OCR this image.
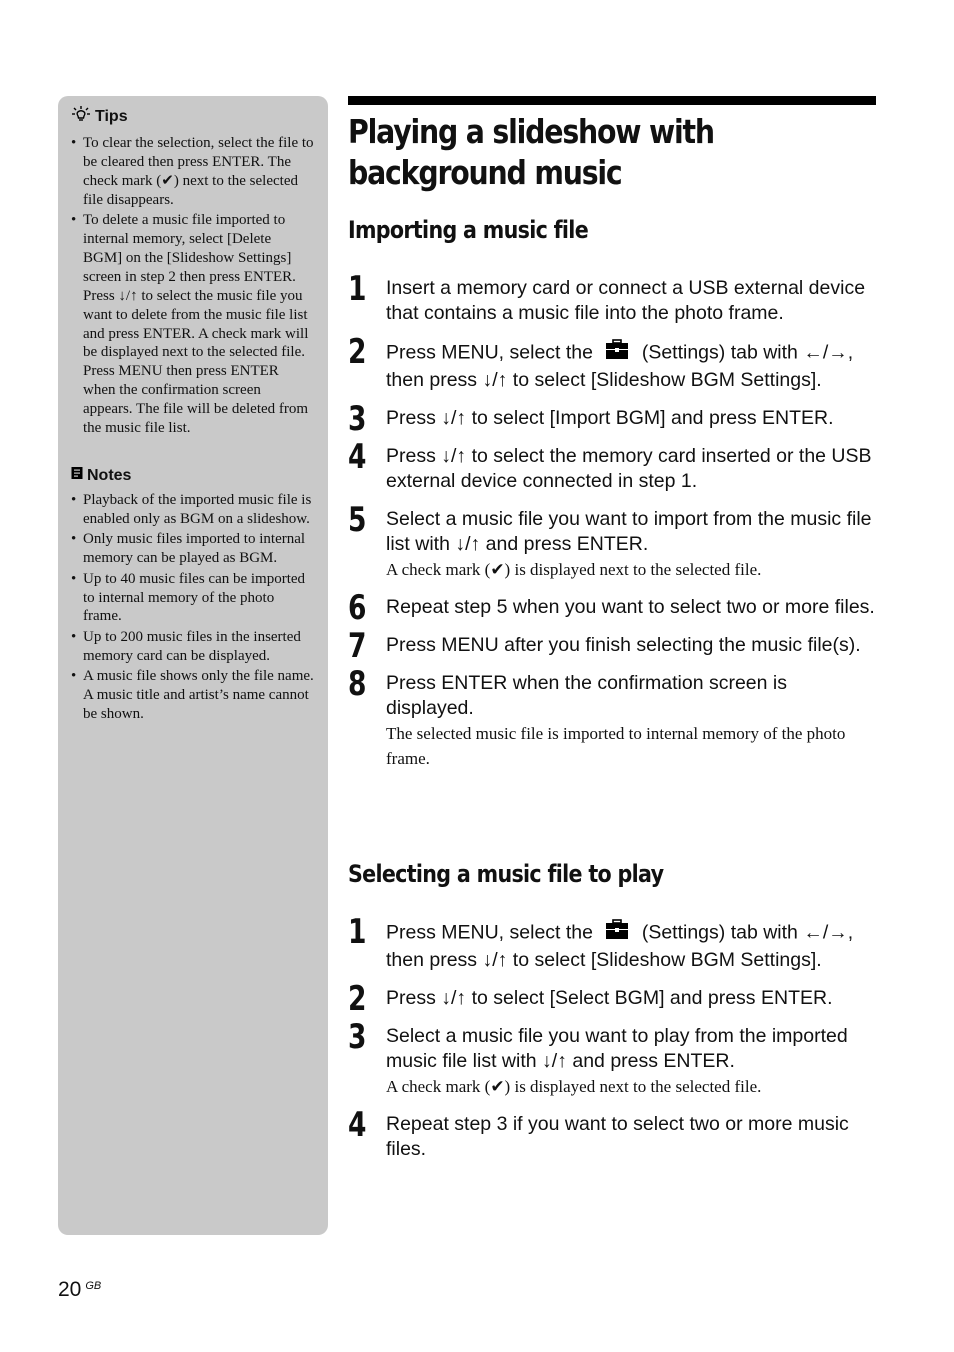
Tips
• To clear the selection, select the file to be cleared then press ENTER. The check mark (✔) next to the selected file disappears.
• To delete a music file imported to internal memory, select [Delete BGM] on the [Slideshow Settings] screen in step 2 then press ENTER. Press ↓/↑ to select the music file you want to delete from the music file list and press ENTER. A check mark will be displayed next to the selected file. Press MENU then press ENTER when the confirmation screen appears. The file will be deleted from the music file list.
Notes
• Playback of the imported music file is enabled only as BGM on a slideshow.
• Only music files imported to internal memory can be played as BGM.
• Up to 40 music files can be imported to internal memory of the photo frame.
• Up to 200 music files in the inserted memory card can be displayed.
• A music file shows only the file name. A music title and artist’s name cannot be shown.
Playing a slideshow with
background music
Importing a music file
1 Insert a memory card or connect a USB external device that contains a music file into the photo frame.
2 Press MENU, select the	(Settings) tab with ←/→, then press ↓/↑ to select [Slideshow BGM Settings].
3 Press ↓/↑ to select [Import BGM] and press ENTER.
4 Press ↓/↑ to select the memory card inserted or the USB external device connected in step 1.
5 Select a music file you want to import from the music file list with ↓/↑ and press ENTER.
A check mark (✔) is displayed next to the selected file.
6 Repeat step 5 when you want to select two or more files.
7 Press MENU after you finish selecting the music file(s).
8 Press ENTER when the confirmation screen is displayed.
The selected music file is imported to internal memory of the photo frame.
Selecting a music file to play
1 Press MENU, select the	(Settings) tab with ←/→, then press ↓/↑ to select [Slideshow BGM Settings].
2 Press ↓/↑ to select [Select BGM] and press ENTER.
3 Select a music file you want to play from the imported music file list with ↓/↑ and press ENTER.
A check mark (✔) is displayed next to the selected file.
4 Repeat step 3 if you want to select two or more music files.
20 $^{GB}$
